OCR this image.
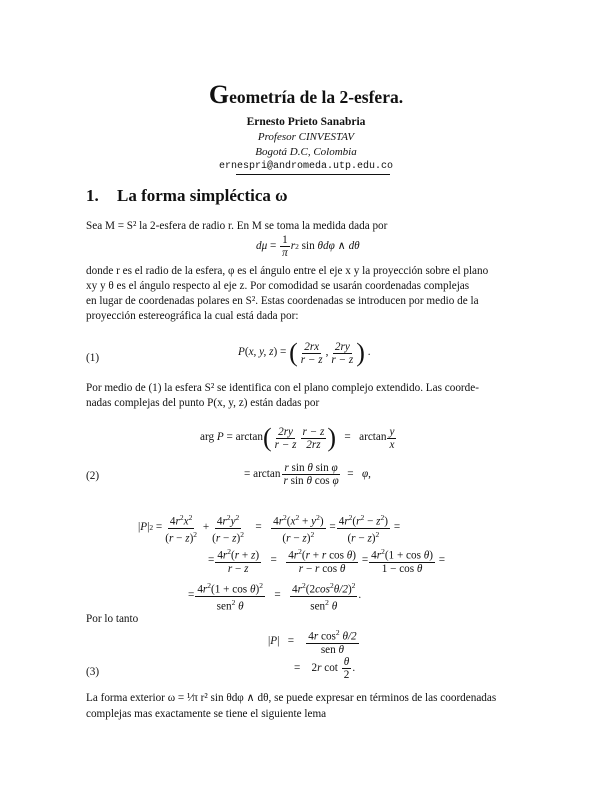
Geometría de la 2-esfera.
Ernesto Prieto Sanabria
Profesor CINVESTAV
Bogotá D.C, Colombia
ernespri@andromeda.utp.edu.co
1. La forma simpléctica ω
Sea M = S² la 2-esfera de radio r. En M se toma la medida dada por
$d\mu = \frac{1}{\pi}$ r 2 sin θdφ ∧ dθ
donde r es el radio de la esfera, φ es el ángulo entre el eje x y la proyección sobre el plano
xy y θ es el ángulo respecto al eje z. Por comodidad se usarán coordenadas complejas
en lugar de coordenadas polares en S². Estas coordenadas se introducen por medio de la
proyección estereográfica la cual está dada por:
(1)	P ( x, y, z ) = ( $\frac{2rx}{r - z}$ , $\frac{2ry}{r - z}$ ) .
Por medio de (1) la esfera S² se identifica con el plano complejo extendido. Las coorde-
nadas complejas del punto P(x, y, z) están dadas por
arg P = arctan ( $\frac{2ry}{r - z} \frac{r - z}{2rz}$ ) =   $\arctan \frac{y}{x}$
(2)	= $\arctan \frac{\text{r sin θ sin φ}}{\text{r sin θ cos φ}} = \varphi$ ,
| P | $2 = \frac{4r^2x^2}{(r - z)^2} + \frac{4r^2y^2}{(r - z)^2} = \frac{4r^2(x^2 + y^2)}{(r - z)^2} = \frac{4r^2(r^2 - z^2)}{(r - z)^2}$ =
= $\frac{4r^2(r + z)}{r - z} = \frac{4r^2(r + r \cos \theta)}{\text{r − r cos θ}} = \frac{4r^2(1 + \cos \theta)}{\text{1 − cos θ}}$ =
= $\frac{4r^2(1 + \cos \theta)^2}{sen^2 \theta} = \frac{4r^2(2\cos^2\theta/2)^2}{sen^2 \theta}$ .
Por lo tanto
| P |   = $\frac{4r \cos^2 \theta/2}{\text{sen θ}}$
(3)	=    2 r $\cot \frac{\theta}{2}$ .
La forma exterior ω = ¹⁄π r² sin θdφ ∧ dθ, se puede expresar en términos de las coordenadas
complejas mas exactamente se tiene el siguiente lema
